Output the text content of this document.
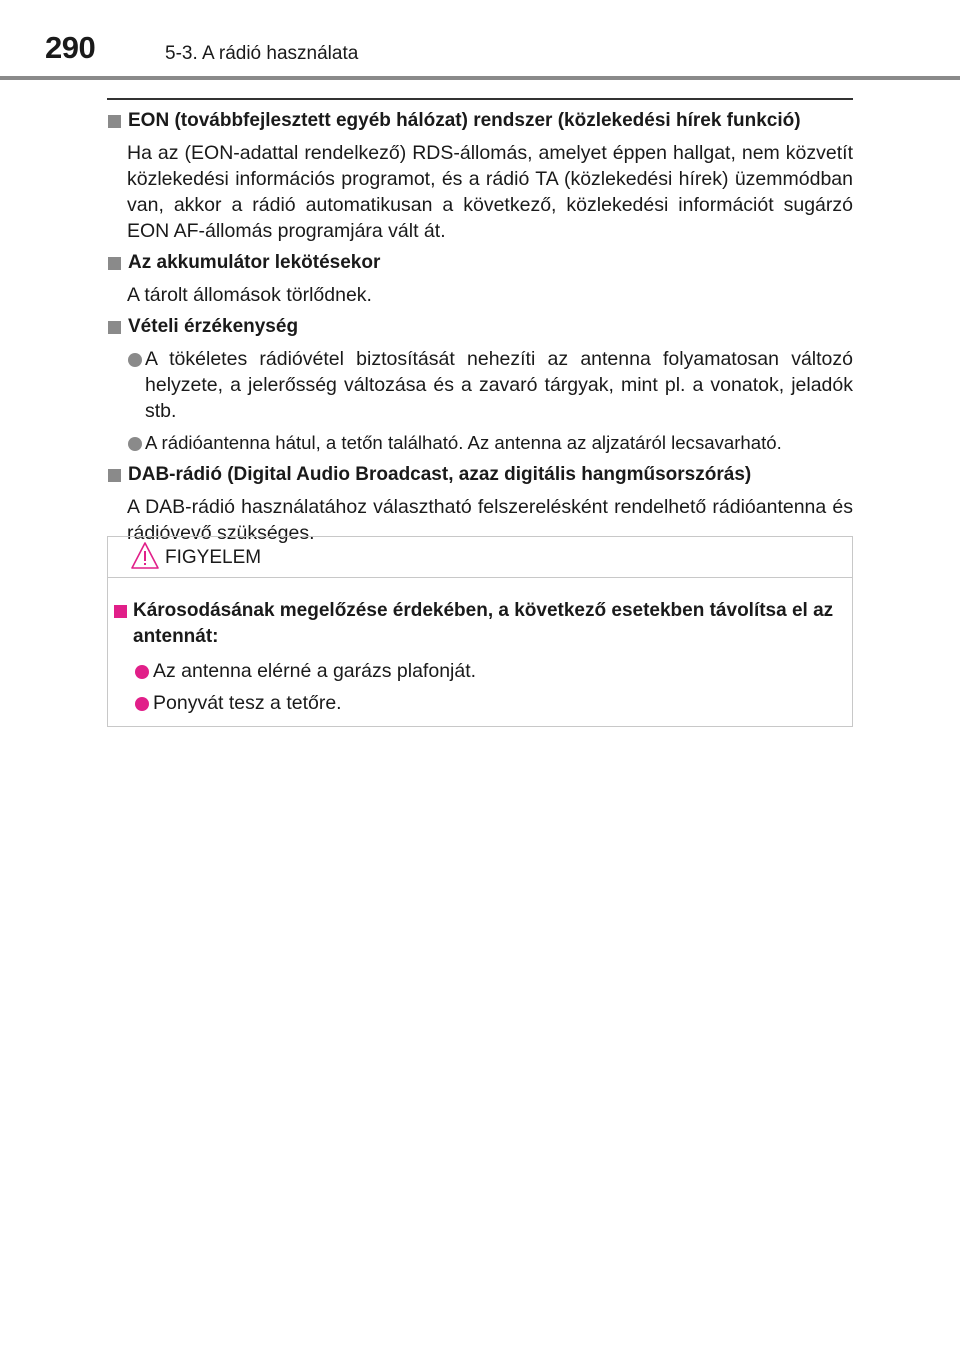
290	5-3. A rádió használata
EON (továbbfejlesztett egyéb hálózat) rendszer (közlekedési hírek funkció)
Ha az (EON-adattal rendelkező) RDS-állomás, amelyet éppen hallgat, nem közvetít közlekedési információs programot, és a rádió TA (közlekedési hírek) üzemmódban van, akkor a rádió automatikusan a következő, közlekedési információt sugárzó EON AF-állomás programjára vált át.
Az akkumulátor lekötésekor
A tárolt állomások törlődnek.
Vételi érzékenység
A tökéletes rádióvétel biztosítását nehezíti az antenna folyamatosan változó helyzete, a jelerősség változása és a zavaró tárgyak, mint pl. a vonatok, jeladók stb.
A rádióantenna hátul, a tetőn található. Az antenna az aljzatáról lecsavarható.
DAB-rádió (Digital Audio Broadcast, azaz digitális hangműsorszórás)
A DAB-rádió használatához választható felszerelésként rendelhető rádióantenna és rádióvevő szükséges.
FIGYELEM
Károsodásának megelőzése érdekében, a következő esetekben távolítsa el az antennát:
Az antenna elérné a garázs plafonját.
Ponyvát tesz a tetőre.
